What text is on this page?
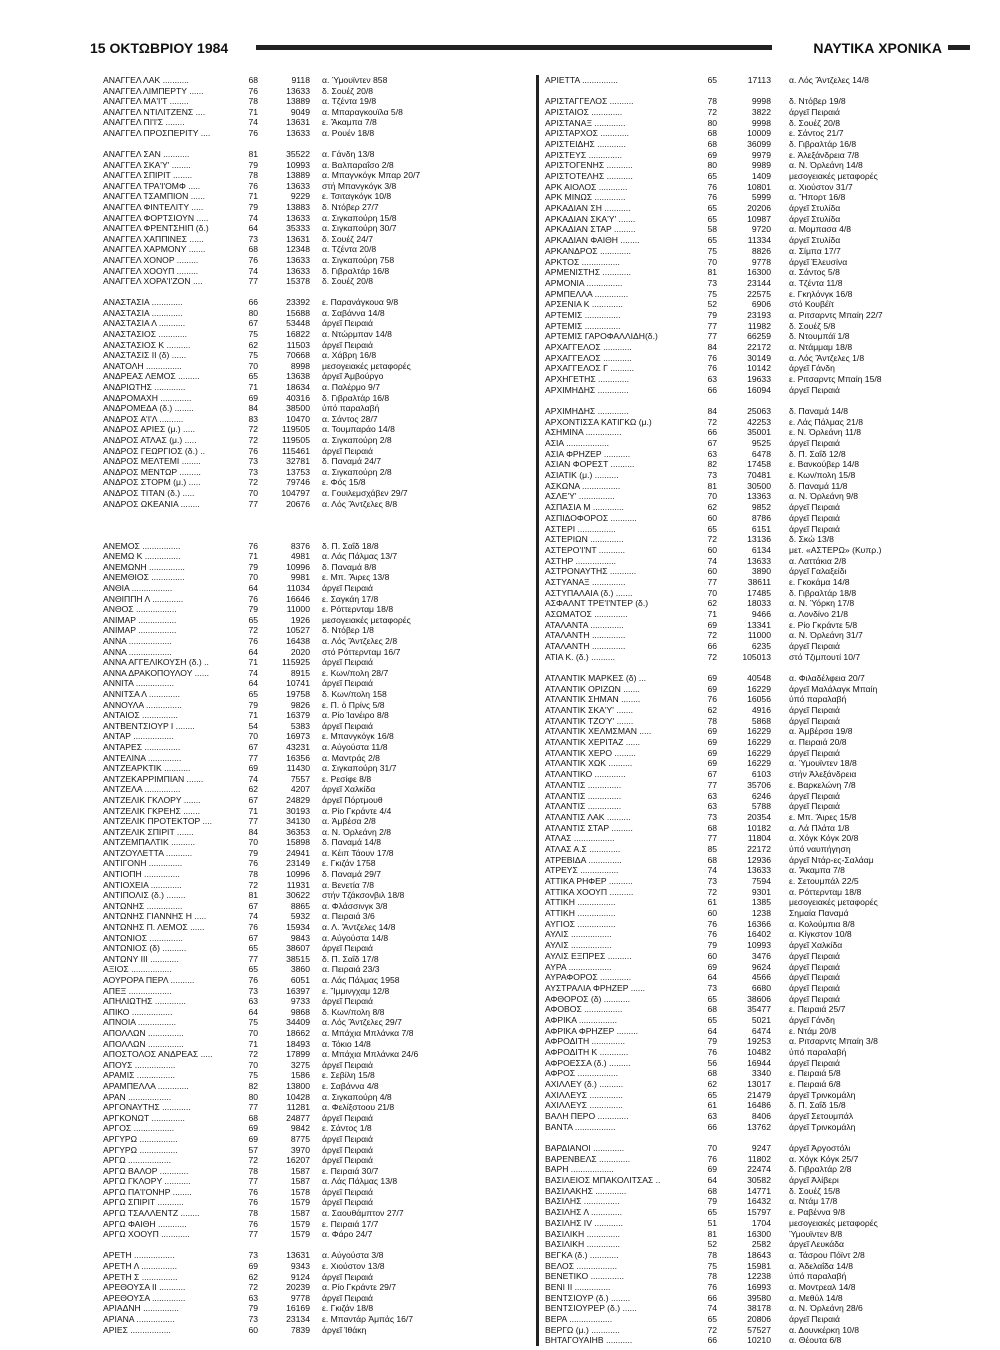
15 ΟΚΤΩΒΡΙΟΥ 1984	ΝΑΥΤΙΚΑ ΧΡΟΝΙΚΑ
ΑΝΑΓΓΕΛ ΛΑΚ ...........	68	9118 α. Ύμουϊντεν 858
ΑΝΑΓΓΕΛ ΛΙΜΠΕΡΤΥ ......	76	13633 δ. Σουέζ 20/8
ΑΝΑΓΓΕΛ ΜΑ'Ι'Τ ........	78	13889 α. Τζέντα 19/8
ΑΝΑΓΓΕΛ ΝΤΙΛΙΤΖΕΝΣ ....	71	9049 α. Μπαραγκουϊλα 5/8
ΑΝΑΓΓΕΛ ΠΙ'Ι'Σ ........	74	13631 ε. Ἄκαμπα 7/8
ΑΝΑΓΓΕΛ ΠΡΟΣΠΕΡΙΤΥ ....	76	13633 α. Ρουέν 18/8
ΑΝΑΓΓΕΛ ΣΑΝ ...........	81	35522 α. Γάνδη 13/8
ΑΝΑΓΓΕΛ ΣΚΑ'Υ' ........	79	10993 α. Βαλπαραΐσο 2/8
ΑΝΑΓΓΕΛ ΣΠΙΡΙΤ ........	78	13889 α. Μπαγνκόγκ Μπαρ 20/7
ΑΝΑΓΓΕΛ ΤΡΑ'Ι'ΟΜΦ .....	76	13633 στή Μπανγκόγκ 3/8
ΑΝΑΓΓΕΛ ΤΣΑΜΠΙΟΝ ......	71	9229 ε. Τσιταγκόγκ 10/8
ΑΝΑΓΓΕΛ ΦΙΝΤΕΛΙΤΥ .....	79	13883 δ. Ντόβερ 27/7
ΑΝΑΓΓΕΛ ΦΟΡΤΣΙΟΥΝ .....	74	13633 α. Σιγκαπούρη 15/8
ΑΝΑΓΓΕΛ ΦΡΕΝΤΣΗΙΠ (δ.)	64	35333 α. Σιγκαπούρη 30/7
ΑΝΑΓΓΕΛ ΧΑΠΠΙΝΕΣ ......	73	13631 δ. Σουέζ 24/7
ΑΝΑΓΓΕΛ ΧΑΡΜΟΝΥ .......	68	12348 α. Τζέντα 20/8
ΑΝΑΓΓΕΛ ΧΟΝΟΡ .........	76	13633 α. Σιγκαπούρη 758
ΑΝΑΓΓΕΛ ΧΟΟΥΠ .........	74	13633 δ. Γιβραλτάρ 16/8
ΑΝΑΓΓΕΛ ΧΟΡΑ'Ι'ΖΟΝ ....	77	15378 δ. Σουέζ 20/8
ΑΝΑΣΤΑΣΙΑ .............	66	23392 ε. Παρανάγκουα 9/8
ΑΝΑΣΤΑΣΙΑ .............	80	15688 α. Σαβάννα 14/8
ΑΝΑΣΤΑΣΙΑ Λ ...........	67	53448 άργεῖ Πειραιά
ΑΝΑΣΤΑΣΙΟΣ ............	75	16822 α. Ντώρμπαν 14/8
ΑΝΑΣΤΑΣΙΟΣ Κ ..........	62	11503 άργεῖ Πειραιά
ΑΝΑΣΤΑΣΙΣ ΙΙ (δ) ......	75	70668 α. Χάβρη 16/8
ΑΝΑΤΟΛΗ ...............	70	8998 μεσογειακές μεταφορές
ΑΝΔΡΕΑΣ ΛΕΜΟΣ .........	65	13638 άργεῖ Ἀμβούργο
ΑΝΔΡΙΩΤΗΣ .............	71	18634 α. Παλέρμο 9/7
ΑΝΔΡΟΜΑΧΗ .............	69	40316 δ. Γιβραλτάρ 16/8
ΑΝΔΡΟΜΕΔΑ (δ.) ........	84	38500 ύπό παραλαβή
ΑΝΔΡΟΣ Α'Ι'Λ ..........	83	10470 α. Σάντος 28/7
ΑΝΔΡΟΣ ΑΡΙΕΣ (μ.) .....	72	119505 α. Τουμπαράο 14/8
ΑΝΔΡΟΣ ΑΤΛΑΣ (μ.) .....	72	119505 α. Σιγκαπούρη 2/8
ΑΝΔΡΟΣ ΓΕΩΡΓΙΟΣ (δ.) ..	76	115461 άργεῖ Πειραιά
ΑΝΔΡΟΣ ΜΕΛΤΕΜΙ ........	73	32781 δ. Παναμά 24/7
ΑΝΔΡΟΣ ΜΕΝΤΩΡ .........	73	13753 α. Σιγκαπούρη 2/8
ΑΝΔΡΟΣ ΣΤΟΡΜ (μ.) .....	72	79746 ε. Φός 15/8
ΑΝΔΡΟΣ ΤΙΤΑΝ (δ.) .....	70	104797 α. Γουιλεμσχάβεν 29/7
ΑΝΔΡΟΣ ΩΚΕΑΝΙΑ ........	77	20676 α. Λός Ἄντζελες 8/8
ΑΝΕΜΟΣ ................	76	8376 δ. Π. Σαΐδ 18/8
ΑΝΕΜΩ Κ ...............	71	4981 α. Λάς Πάλμας 13/7
ΑΝΕΜΩΝΗ ...............	79	10996 δ. Παναμά 8/8
ΑΝΕΜΘΙΟΣ ..............	70	9981 ε. Μπ. Ἄιρες 13/8
ΑΝΘΙΑ .................	64	11034 άργεῖ Πειραιά
ΑΝΘΙΠΠΗ Λ .............	76	16646 ε. Σαγκάη 17/8
ΑΝΘΟΣ .................	79	11000 ε. Ρόττερνταμ 18/8
ΑΝΙΜΑΡ ................	65	1926 μεσογειακές μεταφορές
ΑΝΙΜΑΡ ................	72	10527 δ. Ντόβερ 1/8
ΑΝΝΑ ..................	76	16438 α. Λός Ἄντζελες 2/8
ΑΝΝΑ ..................	64	2020 στό Ρόττερνταμ 16/7
ΑΝΝΑ ΑΓΓΕΛΙΚΟΥΣΗ (δ.) ..	71	115925 άργεῖ Πειραιά
ΑΝΝΑ ΔΡΑΚΟΠΟΥΛΟΥ ......	74	8915 ε. Κων/πολη 28/7
ΑΝΝΙΤΑ ................	64	10741 άργεῖ Πειραιά
ΑΝΝΙΤΣΑ Λ .............	65	19758 δ. Κων/πολη 158
ΑΝΝΟΥΛΑ ...............	79	9826 ε. Π. ὁ Πρίνς 5/8
ΑΝΤΑΙΟΣ ...............	71	16379 α. Ρίο Ἰανέιρο 8/8
ΑΝΤΒΕΝΤΣΙΟΥΡ Ι ........	54	5383 άργεῖ Πειραιά
ΑΝΤΑΡ .................	70	16973 ε. Μπανγκόγκ 16/8
ΑΝΤΑΡΕΣ ...............	67	43231 α. Αὐγούστα 11/8
ΑΝΤΕΛΙΝΑ ..............	77	16356 α. Μαντράς 2/8
ΑΝΤΖΕΑΡΚΤΙΚ ...........	69	11430 α. Σιγκαπούρη 31/7
ΑΝΤΖΕΚΑΡΡΙΜΠΙΑΝ .......	74	7557 ε. Ρεσίφε 8/8
ΑΝΤΖΕΛΑ ...............	62	4207 άργεῖ Χαλκίδα
ΑΝΤΖΕΛΙΚ ΓΚΛΟΡΥ .......	67	24829 άργεῖ Πόρτμουθ
ΑΝΤΖΕΛΙΚ ΓΚΡΕΗΣ .......	71	30193 α. Ρίο Γκράντε 4/4
ΑΝΤΖΕΛΙΚ ΠΡΟΤΕΚΤΟΡ ....	77	34130 α. Ἀμβέσα 2/8
ΑΝΤΖΕΛΙΚ ΣΠΙΡΙΤ .......	84	36353 α. Ν. Ὀρλεάνη 2/8
ΑΝΤΖΕΜΠΑΛΤΙΚ ..........	70	15898 δ. Παναμά 14/8
ΑΝΤΖΟΥΛΕΤΤΑ ...........	79	24941 α. Κέιπ Τάουν 17/8
ΑΝΤΙΓΟΝΗ ..............	76	23149 ε. Γκιζάν 1758
ΑΝΤΙΟΠΗ ...............	78	10996 δ. Παναμά 29/7
ΑΝΤΙΟΧΕΙΑ .............	72	11931 α. Βενετία 7/8
ΑΝΤΙΠΟΛΙΣ (δ.) ........	81	30622 στήν Τζάκσονβιλ 18/8
ΑΝΤΩΝΗΣ ...............	67	8865 α. Φλάσσινγκ 3/8
ΑΝΤΩΝΗΣ ΓΙΑΝΝΗΣ Η .....	74	5932 α. Πειραιά 3/6
ΑΝΤΩΝΗΣ Π. ΛΕΜΟΣ ......	76	15934 α. Λ. Ἄντζελες 14/8
ΑΝΤΩΝΙΟΣ ..............	67	9843 α. Αὐγούστα 14/8
ΑΝΤΩΝΙΟΣ (δ) ..........	65	38607 άργεῖ Πειραιά
ΑΝΤΩΝΥ ΙΙΙ ............	77	38515 δ. Π. Σαΐδ 17/8
ΑΞΙΟΣ .................	65	3860 α. Πειραιά 23/3
ΑΟΥΡΟΡΑ ΠΕΡΛ ..........	76	6051 α. Λάς Πάλμας 1958
ΑΠΕΞ ..................	73	16397 ε. Ἴμμινγχαμ 12/8
ΑΠΗΛΙΩΤΗΣ .............	63	9733 άργεῖ Πειραιά
ΑΠΙΚΟ .................	64	9868 δ. Κων/πολη 8/8
ΑΠΝΟΙΑ ................	75	34409 α. Λός Ἄντζελες 29/7
ΑΠΟΛΛΩΝ ...............	70	18662 α. Μπάχια Μπλάνκα 7/8
ΑΠΟΛΛΩΝ ...............	71	18493 α. Τόκιο 14/8
ΑΠΟΣΤΟΛΟΣ ΑΝΔΡΕΑΣ .....	72	17899 α. Μπάχια Μπλάνκα 24/6
ΑΠΟΥΣ .................	70	3275 άργεῖ Πειραιά
ΑΡΑΜΙΣ ................	75	1586 ε. Σεβίλη 15/8
ΑΡΑΜΠΕΛΛΑ .............	82	13800 ε. Σαβάννα 4/8
ΑΡΑΝ ..................	80	10428 α. Σιγκαπούρη 4/8
ΑΡΓΟΝΑΥΤΗΣ ............	77	11281 α. Φελίξστοου 21/8
ΑΡΓΚΟΝΩΤ ..............	68	24877 άργεῖ Πειραιά
ΑΡΓΟΣ .................	69	9842 ε. Σάντος 1/8
ΑΡΓΥΡΩ ................	69	8775 άργεῖ Πειραιά
ΑΡΓΥΡΩ ................	57	3970 άργεῖ Πειραιά
ΑΡΓΩ ..................	72	16207 άργεῖ Πειραιά
ΑΡΓΩ ΒΑΛΟΡ ............	78	1587 ε. Πειραιά 30/7
ΑΡΓΩ ΓΚΛΟΡΥ ...........	77	1587 α. Λάς Πάλμας 13/8
ΑΡΓΩ ΠΑ'Ι'ΟΝΗΡ ........	76	1578 άργεῖ Πειραιά
ΑΡΓΩ ΣΠΙΡΙΤ ...........	76	1579 άργεῖ Πειραιά
ΑΡΓΩ ΤΣΑΛΛΕΝΤΖ ........	78	1587 α. Σαουθάμπτον 27/7
ΑΡΓΩ ΦΑΙΘΗ ............	76	1579 ε. Πειραιά 17/7
ΑΡΓΩ ΧΟΟΥΠ ............	77	1579 α. Φάρο 24/7
ΑΡΕΤΗ .................	73	13631 α. Αὐγούστα 3/8
ΑΡΕΤΗ Λ ...............	69	9343 ε. Χιούστον 13/8
ΑΡΕΤΗ Σ ...............	62	9124 άργεῖ Πειραιά
ΑΡΕΘΟΥΣΑ ΙΙ ...........	72	20239 α. Ρίο Γκράντε 29/7
ΑΡΕΘΟΥΣΑ ..............	63	9778 άργεῖ Πειραιά
ΑΡΙΑΔΝΗ ...............	79	16169 ε. Γκιζάν 18/8
ΑΡΙΑΝΑ ................	73	23134 ε. Μπαντάρ Ἀμπάς 16/7
ΑΡΙΕΣ .................	60	7839 άργεῖ Ἰθάκη
ΑΡΙΕΤΤΑ ...............	65	17113 α. Λός Ἄντζελες 14/8
ΑΡΙΣΤΑΓΓΕΛΟΣ ..........	78	9998 δ. Ντόβερ 19/8
ΑΡΙΣΤΑΙΟΣ .............	72	3822 άργεῖ Πειραιά
ΑΡΙΣΤΑΝΑΞ .............	80	9998 δ. Σουέζ 20/8
ΑΡΙΣΤΑΡΧΟΣ ............	68	10009 ε. Σάντος 21/7
ΑΡΙΣΤΕΙΔΗΣ ............	68	36099 δ. Γιβραλτάρ 16/8
ΑΡΙΣΤΕΥΣ ..............	69	9979 ε. Ἀλεξάνδρεια 7/8
ΑΡΙΣΤΟΓΕΝΗΣ ...........	80	9989 α. Ν. Ὀρλεάνη 14/8
ΑΡΙΣΤΟΤΕΛΗΣ ...........	65	1409 μεσογειακές μεταφορές
ΑΡΚ ΑΙΟΛΟΣ ............	76	10801 α. Χιούστον 31/7
ΑΡΚ ΜΙΝΩΣ .............	76	5999 α. Ἤπορτ 16/8
ΑΡΚΑΔΙΑΝ ΣΗ ...........	65	20206 άργεῖ Στυλίδα
ΑΡΚΑΔΙΑΝ ΣΚΑ'Υ' .......	65	10987 άργεῖ Στυλίδα
ΑΡΚΑΔΙΑΝ ΣΤΑΡ .........	58	9720 α. Μομπασα 4/8
ΑΡΚΑΔΙΑΝ ΦΑΙΘΗ ........	65	11334 άργεῖ Στυλίδα
ΑΡΚΑΝΔΡΟΣ .............	75	8826 α. Σίμπα 17/7
ΑΡΚΤΟΣ ................	70	9778 άργεῖ Ἐλευσίνα
ΑΡΜΕΝΙΣΤΗΣ ............	81	16300 α. Σάντος 5/8
ΑΡΜΟΝΙΑ ...............	73	23144 α. Τζέντα 11/8
ΑΡΜΠΕΛΛΑ ..............	75	22575 ε. Γκηλόνγκ 16/8
ΑΡΣΕΝΙΑ Κ .............	52	6906 στό Κουβέϊτ
ΑΡΤΕΜΙΣ ...............	79	23193 α. Ριτσαρντς Μπαίη 22/7
ΑΡΤΕΜΙΣ ...............	77	11982 δ. Σουέζ 5/8
ΑΡΤΕΜΙΣ ΓΑΡΟΦΑΛΛΙΔΗ(δ.)	77	66259 δ. Ντουμπάϊ 1/8
ΑΡΧΑΓΓΕΛΟΣ ............	84	22172 α. Ντάμμαμ 18/8
ΑΡΧΑΓΓΕΛΟΣ ............	76	30149 α. Λός Ἄντζελες 1/8
ΑΡΧΑΓΓΕΛΟΣ Γ ..........	76	10142 άργεῖ Γάνδη
ΑΡΧΗΓΕΤΗΣ .............	63	19633 ε. Ριτσαρντς Μπαίη 15/8
ΑΡΧΙΜΗΔΗΣ .............	66	16094 άργεῖ Πειραιά
ΑΡΧΙΜΗΔΗΣ .............	84	25063 δ. Παναμά 14/8
ΑΡΧΟΝΤΙΣΣΑ ΚΑΤΙΓΚΩ (μ.)	72	42253 ε. Λάς Πάλμας 21/8
ΑΣΗΜΙΝΑ ...............	66	35001 ε. Ν. Ὀρλεάνη 11/8
ΑΣΙΑ ..................	67	9525 άργεῖ Πειραιά
ΑΣΙΑ ΦΡΗΖΕΡ ...........	63	6478 δ. Π. Σαΐδ 12/8
ΑΣΙΑΝ ΦΟΡΕΣΤ ..........	82	17458 ε. Βανκούβερ 14/8
ΑΣΙΑΤΙΚ (μ.) ..........	73	70481 ε. Κων/πολη 15/8
ΑΣΚΩΝΑ ................	81	30500 δ. Παναμά 11/8
ΑΣΛΕ'Υ' ...............	70	13363 α. Ν. Ὀρλεάνη 9/8
ΑΣΠΑΣΙΑ Μ .............	62	9852 άργεῖ Πειραιά
ΑΣΠΙΔΟΦΟΡΟΣ ...........	60	8786 άργεῖ Πειραιά
ΑΣΤΕΡΙ ................	65	6151 άργεῖ Πειραιά
ΑΣΤΕΡΙΩΝ ..............	72	13136 δ. Σκώ 13/8
ΑΣΤΕΡΟ'Ι'ΝΤ ...........	60	6134 μετ. «ΑΣΤΕΡΩ» (Κυπρ.)
ΑΣΤΗΡ .................	74	13633 α. Λαττάκια 2/8
ΑΣΤΡΟΝΑΥΤΗΣ ...........	60	3890 άργεῖ Γαλαξείδι
ΑΣΤΥΑΝΑΞ ..............	77	38611 ε. Γκοκάμα 14/8
ΑΣΤΥΠΑΛΑΙΑ (δ.) .......	70	17485 δ. Γιβραλτάρ 18/8
ΑΣΦΑΛΝΤ ΤΡΕ'Ι'ΝΤΕΡ (δ.)	62	18033 α. Ν. Ύόρκη 17/8
ΑΣΩΜΑΤΟΣ ..............	71	9466 α. Λονδίνο 21/8
ΑΤΑΛΑΝΤΑ ..............	69	13341 ε. Ρίο Γκράντε 5/8
ΑΤΑΛΑΝΤΗ ..............	72	11000 α. Ν. Ὀρλεάνη 31/7
ΑΤΑΛΑΝΤΗ ..............	66	6235 άργεῖ Πειραιά
ΑΤΙΑ Κ. (δ.) ..........	72	105013 στό Τζιμπουτί 10/7
ΑΤΛΑΝΤΙΚ ΜΑΡΚΕΣ (δ) ...	69	40548 α. Φιλαδέλφεια 20/7
ΑΤΛΑΝΤΙΚ ΟΡΙΖΩΝ .......	69	16229 άργεῖ Μαλάλαγκ Μπαίη
ΑΤΛΑΝΤΙΚ ΣΗΜΑΝ ........	76	16056 ύπό παραλαβή
ΑΤΛΑΝΤΙΚ ΣΚΑ'Υ' .......	62	4916 άργεῖ Πειραιά
ΑΤΛΑΝΤΙΚ ΤΖΟ'Υ' .......	78	5868 άργεῖ Πειραιά
ΑΤΛΑΝΤΙΚ ΧΕΛΜΣΜΑΝ .....	69	16229 α. Ἀμβέρσα 19/8
ΑΤΛΑΝΤΙΚ ΧΕΡΙΤΑΖ ......	69	16229 α. Πειραιά 20/8
ΑΤΛΑΝΤΙΚ ΧΕΡΟ .........	69	16229 άργεῖ Πειραιά
ΑΤΛΑΝΤΙΚ ΧΩΚ ..........	69	16229 α. Ύμουϊντεν 18/8
ΑΤΛΑΝΤΙΚΟ .............	67	6103 στήν Ἀλεξάνδρεια
ΑΤΛΑΝΤΙΣ ..............	77	35706 ε. Βαρκελώνη 7/8
ΑΤΛΑΝΤΙΣ ..............	63	6246 άργεῖ Πειραιά
ΑΤΛΑΝΤΙΣ ..............	63	5788 άργεῖ Πειραιά
ΑΤΛΑΝΤΙΣ ΛΑΚ ..........	73	20354 ε. Μπ. Ἄιρες 15/8
ΑΤΛΑΝΤΙΣ ΣΤΑΡ .........	68	10182 α. Λά Πλάτα 1/8
ΑΤΛΑΣ .................	77	11804 α. Χόγκ Κόγκ 20/8
ΑΤΛΑΣ Α.Σ .............	85	22172 ύπό ναυπήγηση
ΑΤΡΕΒΙΔΑ ..............	68	12936 άργεῖ Ντάρ-ες-Σαλάαμ
ΑΤΡΕΥΣ ................	74	13633 α. Ἄκαμπα 7/8
ΑΤΤΙΚΑ ΡΗΦΕΡ ..........	73	7594 ε. Σετουμπάλ 22/5
ΑΤΤΙΚΑ ΧΟΟΥΠ ..........	72	9301 α. Ρόττερνταμ 18/8
ΑΤΤΙΚΗ ................	61	1385 μεσογειακές μεταφορές
ΑΤΤΙΚΗ ................	60	1238 Σημαία Παναμά
ΑΥΓΙΟΣ ................	76	16366 α. Κολούμπια 8/8
ΑΥΛΙΣ .................	76	16402 α. Κίγκστον 10/8
ΑΥΛΙΣ .................	79	10993 άργεῖ Χαλκίδα
ΑΥΛΙΣ ΕΞΠΡΕΣ ..........	60	3476 άργεῖ Πειραιά
ΑΥΡΑ ..................	69	9624 άργεῖ Πειραιά
ΑΥΡΑΦΟΡΟΣ .............	64	4566 άργεῖ Πειραιά
ΑΥΣΤΡΑΛΙΑ ΦΡΗΖΕΡ ......	73	6680 άργεῖ Πειραιά
ΑΦΘΟΡΟΣ (δ) ...........	65	38606 άργεῖ Πειραιά
ΑΦΟΒΟΣ ................	68	35477 ε. Πειραιά 25/7
ΑΦΡΙΚΑ ................	65	5021 άργεῖ Γάνδη
ΑΦΡΙΚΑ ΦΡΗΖΕΡ .........	64	6474 ε. Ντάμ 20/8
ΑΦΡΟΔΙΤΗ ..............	79	19253 α. Ριτσαρντς Μπαίη 3/8
ΑΦΡΟΔΙΤΗ Κ ............	76	10482 ύπό παραλαβή
ΑΦΡΟΕΣΣΑ (δ.) .........	56	16944 άργεῖ Πειραιά
ΑΦΡΟΣ .................	68	3340 ε. Πειραιά 5/8
ΑΧΙΛΛΕΥ (δ.) ..........	62	13017 ε. Πειραιά 6/8
ΑΧΙΛΛΕΥΣ ..............	65	21479 άργεῖ Τρινκομάλη
ΑΧΙΛΛΕΥΣ ..............	61	16486 δ. Π. Σαΐδ 15/8
ΒΑΛΗ ΠΕΡΟ .............	63	8406 άργεῖ Σετουμπάλ
ΒΑΝΤΑ .................	66	13762 άργεῖ Τρινκομάλη
ΒΑΡΔΙΑΝΟΙ .............	70	9247 άργεῖ Ἀργοστόλι
ΒΑΡΕΝΒΕΛΣ .............	76	11802 α. Χόγκ Κόγκ 25/7
ΒΑΡΗ ..................	69	22474 δ. Γιβραλτάρ 2/8
ΒΑΣΙΛΕΙΟΣ ΜΠΑΚΟΛΙΤΣΑΣ ..	64	30582 άργεῖ Ἀλίβερι
ΒΑΣΙΛΑΚΗΣ .............	68	14771 δ. Σουέζ 15/8
ΒΑΣΙΛΗΣ ...............	79	16432 α. Ντάμ 17/8
ΒΑΣΙΛΗΣ Λ .............	65	15797 ε. Ραβέννα 9/8
ΒΑΣΙΛΗΣ IV ............	51	1704 μεσογειακές μεταφορές
ΒΑΣΙΛΙΚΗ ..............	81	16300 Ύμουϊντεν 8/8
ΒΑΣΙΛΙΚΗ ..............	52	2582 άργεῖ Λευκάδα
ΒΕΓΚΑ (δ.) ............	78	18643 α. Τάσρου Πόϊντ 2/8
ΒΕΛΟΣ .................	75	15981 α. Ἀδελαΐδα 14/8
ΒΕΝΕΤΙΚΟ ..............	78	12238 ύπό παραλαβή
ΒΕΝΙ ΙΙ ...............	76	16993 α. Μοντρεαλ 14/8
ΒΕΝΤΣΙΟΥΡ (δ.) ........	66	39580 α. Μεθύλ 14/8
ΒΕΝΤΣΙΟΥΡΕΡ (δ.) ......	74	38178 α. Ν. Ὀρλεάνη 28/6
ΒΕΡΑ ..................	65	20806 άργεῖ Πειραιά
ΒΕΡΓΩ (μ.) ............	72	57527 α. Δουνκέρκη 10/8
ΒΗΤΑΓΟΥΑΙΗΒ ...........	66	10210 α. Θέουτα 6/8
